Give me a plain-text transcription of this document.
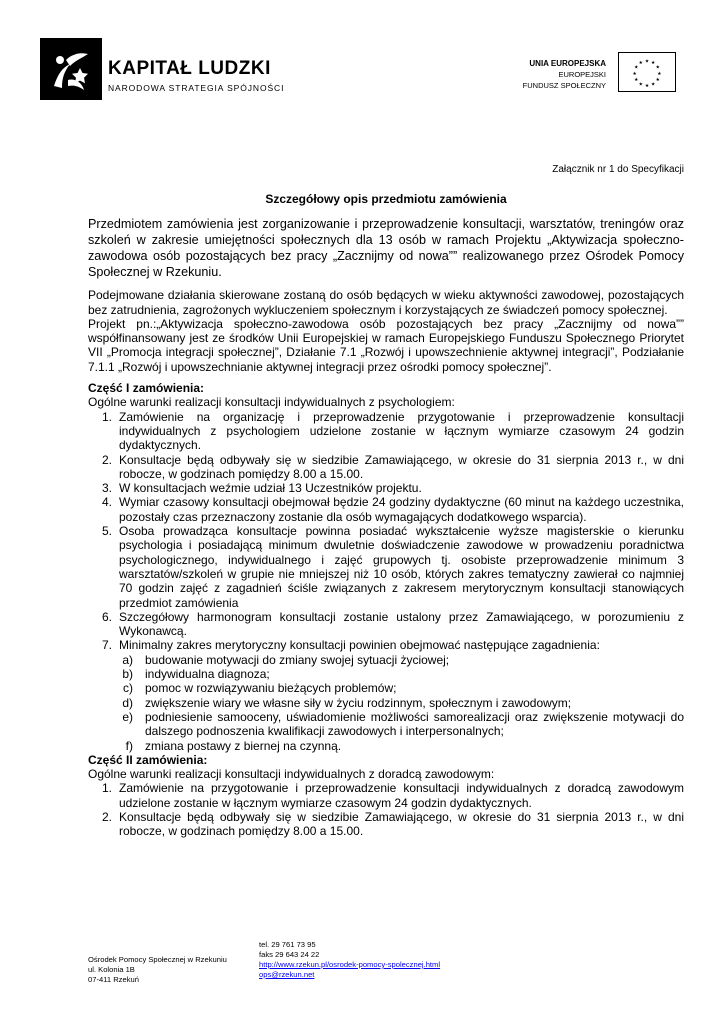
KAPITAŁ LUDZKI
NARODOWA STRATEGIA SPÓJNOŚCI
UNIA EUROPEJSKA
EUROPEJSKI
FUNDUSZ SPOŁECZNY
★ ★
★
★
★
★
★
★
★
★
★
★
Załącznik nr 1 do Specyfikacji
Szczegółowy opis przedmiotu zamówienia

Przedmiotem zamówienia jest zorganizowanie i przeprowadzenie konsultacji, warsztatów, treningów oraz szkoleń w zakresie umiejętności społecznych dla 13 osób w ramach Projektu „Aktywizacja społeczno-zawodowa osób pozostających bez pracy „Zacznijmy od nowa”” realizowanego przez Ośrodek Pomocy Społecznej w Rzekuniu.

Podejmowane działania skierowane zostaną do osób będących w wieku aktywności zawodowej, pozostających bez zatrudnienia, zagrożonych wykluczeniem społecznym i korzystających ze świadczeń pomocy społecznej.

Projekt pn.:„Aktywizacja społeczno-zawodowa osób pozostających bez pracy „Zacznijmy od nowa”” współfinansowany jest ze środków Unii Europejskiej w ramach Europejskiego Funduszu Społecznego Priorytet VII „Promocja integracji społecznej”, Działanie 7.1 „Rozwój i upowszechnienie aktywnej integracji”, Podziałanie 7.1.1 „Rozwój i upowszechnianie aktywnej integracji przez ośrodki pomocy społecznej”.

Część I zamówienia:
Ogólne warunki realizacji konsultacji indywidualnych z psychologiem:
1. Zamówienie na organizację i przeprowadzenie przygotowanie i przeprowadzenie konsultacji indywidualnych z psychologiem udzielone zostanie w łącznym wymiarze czasowym 24 godzin dydaktycznych.
2. Konsultacje będą odbywały się w siedzibie Zamawiającego, w okresie do 31 sierpnia 2013 r., w dni robocze, w godzinach pomiędzy 8.00 a 15.00.
3. W konsultacjach weźmie udział 13 Uczestników projektu.
4. Wymiar czasowy konsultacji obejmował będzie 24 godziny dydaktyczne (60 minut na każdego uczestnika, pozostały czas przeznaczony zostanie dla osób wymagających dodatkowego wsparcia).
5. Osoba prowadząca konsultacje powinna posiadać wykształcenie wyższe magisterskie o kierunku psychologia i posiadającą minimum dwuletnie doświadczenie zawodowe w prowadzeniu poradnictwa psychologicznego, indywidualnego i zajęć grupowych tj. osobiste przeprowadzenie minimum 3 warsztatów/szkoleń w grupie nie mniejszej niż 10 osób, których zakres tematyczny zawierał co najmniej 70 godzin zajęć z zagadnień ściśle związanych z zakresem merytorycznym konsultacji stanowiących przedmiot zamówienia
6. Szczegółowy harmonogram konsultacji zostanie ustalony przez Zamawiającego, w porozumieniu z Wykonawcą.
7. Minimalny zakres merytoryczny konsultacji powinien obejmować następujące zagadnienia:
a)	budowanie motywacji do zmiany swojej sytuacji życiowej;
b)	indywidualna diagnoza;
c)	pomoc w rozwiązywaniu bieżących problemów;
d)	zwiększenie wiary we własne siły w życiu rodzinnym, społecznym i zawodowym;
e)	podniesienie samooceny, uświadomienie możliwości samorealizacji oraz zwiększenie motywacji do dalszego podnoszenia kwalifikacji zawodowych i interpersonalnych;
f)	zmiana postawy z biernej na czynną.
Część II zamówienia:
Ogólne warunki realizacji konsultacji indywidualnych z doradcą zawodowym:
1. Zamówienie na przygotowanie i przeprowadzenie konsultacji indywidualnych z doradcą zawodowym udzielone zostanie w łącznym wymiarze czasowym 24 godzin dydaktycznych.
2. Konsultacje będą odbywały się w siedzibie Zamawiającego, w okresie do 31 sierpnia 2013 r., w dni robocze, w godzinach pomiędzy 8.00 a 15.00.
Ośrodek Pomocy Społecznej w Rzekuniu
ul. Kolonia 1B
07-411 Rzekuń
tel. 29 761 73 95
faks 29 643 24 22
http://www.rzekun.pl/osrodek-pomocy-spolecznej.html
ops@rzekun.net
